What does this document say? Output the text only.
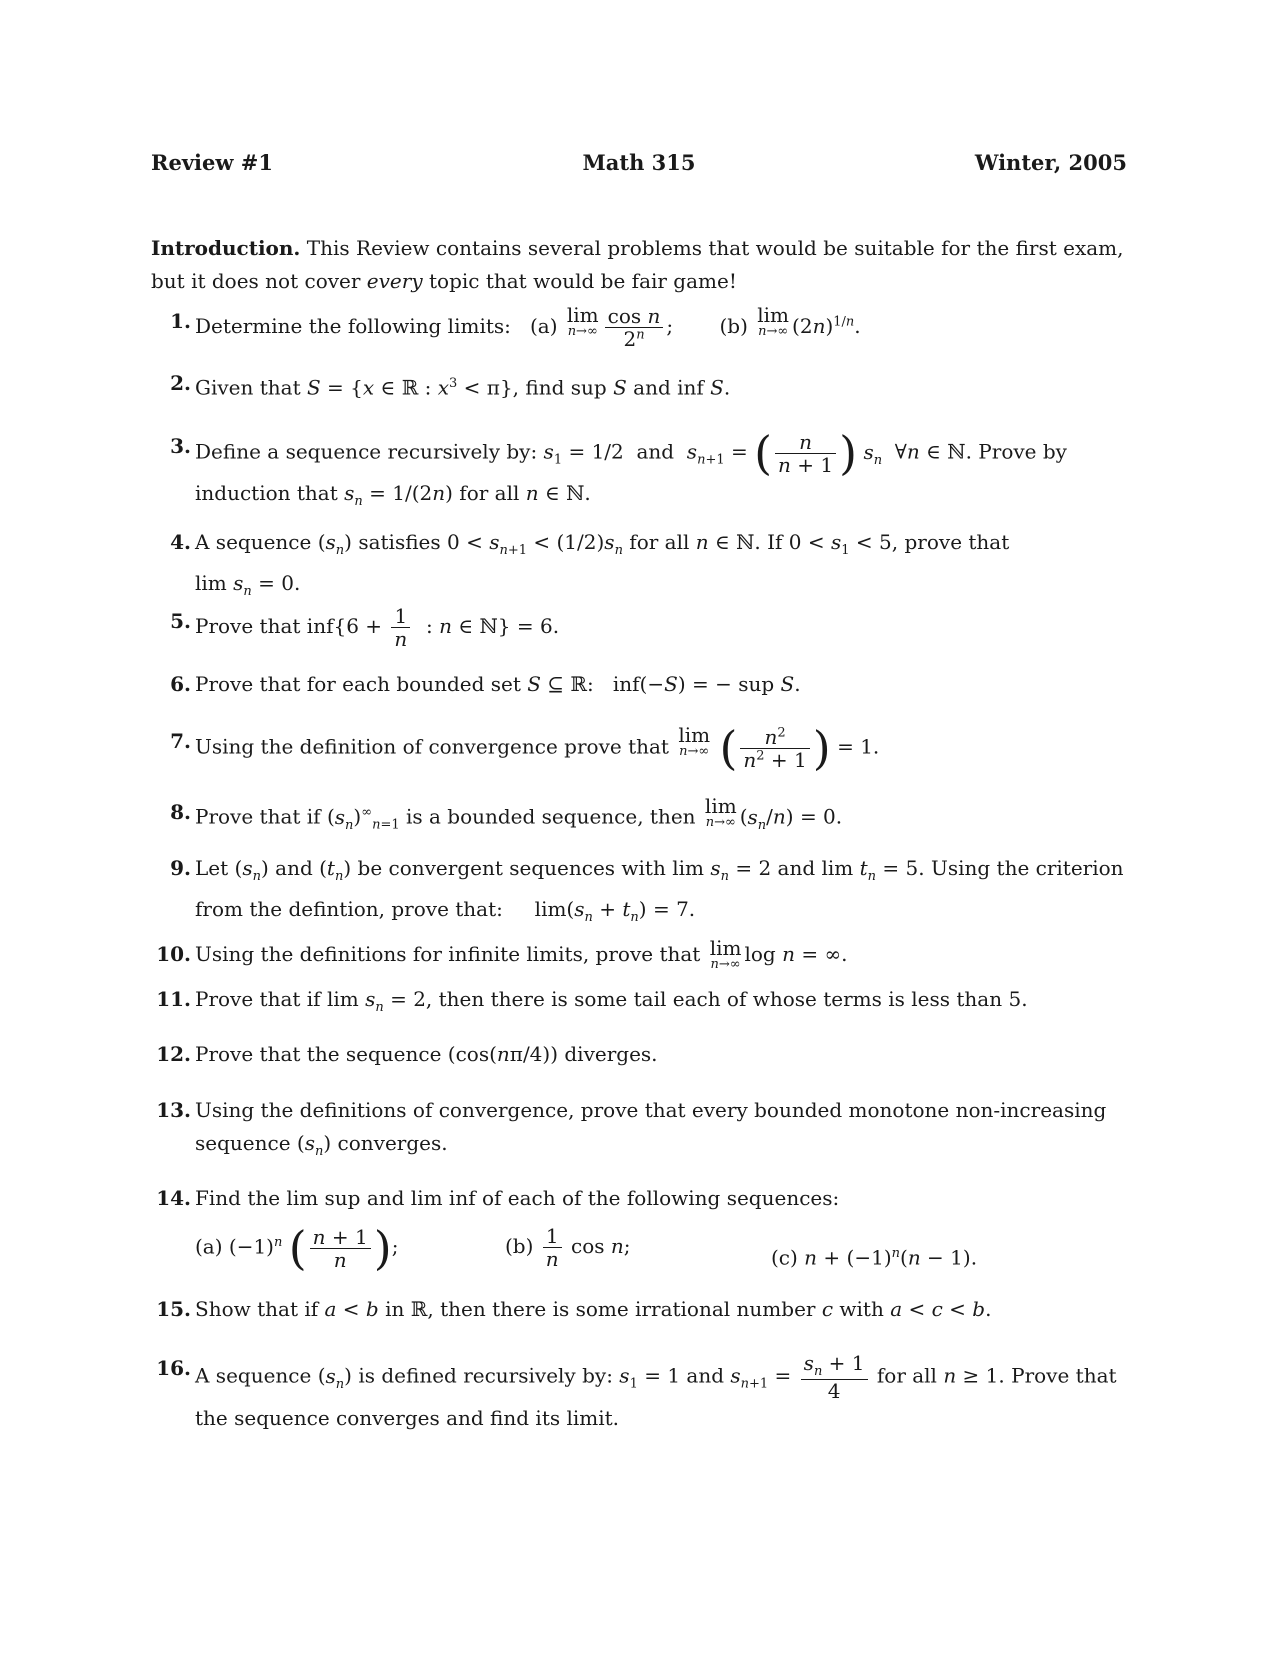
Review #1	Math 315	Winter, 2005
Introduction. This Review contains several problems that would be suitable for the first exam, but it does not cover every topic that would be fair game!
1. Determine the following limits:   (a) lim
$n\to\infty \frac{\text{cos n}}{2^n}$ ; (b) lim
n→∞ $(2n)^{1/n}$.
2. Given that S = {x ∈ ℝ : $x^3 < \pi$}, find sup S and inf S.
3. Define a sequence recursively by: $s_1 = 1/2$  and $s_{n+1}$ = ( $\frac{n}{n + 1}$ ) $s_n$  ∀n ∈ ℕ. Prove by
induction that $s_n = 1/(2n)$ for all n ∈ ℕ.
4. A sequence $(s_n)$ satisfies $0 < s_{n+1} < (1/2)s_n$ for all n ∈ ℕ. If $0 < s_1 < 5$, prove that
$\lim s_n = 0$.
5. Prove that $inf\{6 + \frac{1}{n}$ : n ∈ ℕ} = 6.
6. Prove that for each bounded set S ⊆ ℝ:   inf(−S) = − sup S.
7. Using the definition of convergence prove that lim
n→∞ ( $\frac{n^2}{n^2 + 1}$ ) = 1.
8. Prove that if $(s_n)^\infty_{n=1}$ is a bounded sequence, then lim
n→∞ $(s_n/n) = 0$.
9. Let $(s_n)$ and $(t_n)$ be convergent sequences with $\lim s_n = 2$ and $\lim t_n = 5$. Using the criterion from the defintion, prove that:     $\lim(s_n + t_n) = 7$.
10. Using the definitions for infinite limits, prove that lim
n→∞ log n = ∞.
11. Prove that if $\lim s_n = 2$, then there is some tail each of whose terms is less than 5.
12. Prove that the sequence (cos(nπ/4)) diverges.
13. Using the definitions of convergence, prove that every bounded monotone non-increasing sequence $(s_n)$ converges.
14. Find the lim sup and lim inf of each of the following sequences:
(a) $(-1)^n$ ( $\frac{n + 1}{n}$ );	$(b) \frac{1}{n}$ cos n;	(c) $n + (-1)^n(n - 1)$.
15. Show that if a < b in ℝ, then there is some irrational number c with a < c < b.
16. A sequence $(s_n)$ is defined recursively by: $s_1 = 1$ and $s_{n+1} = \frac{s_n + 1}{4}$ for all n ≥ 1. Prove that the sequence converges and find its limit.
